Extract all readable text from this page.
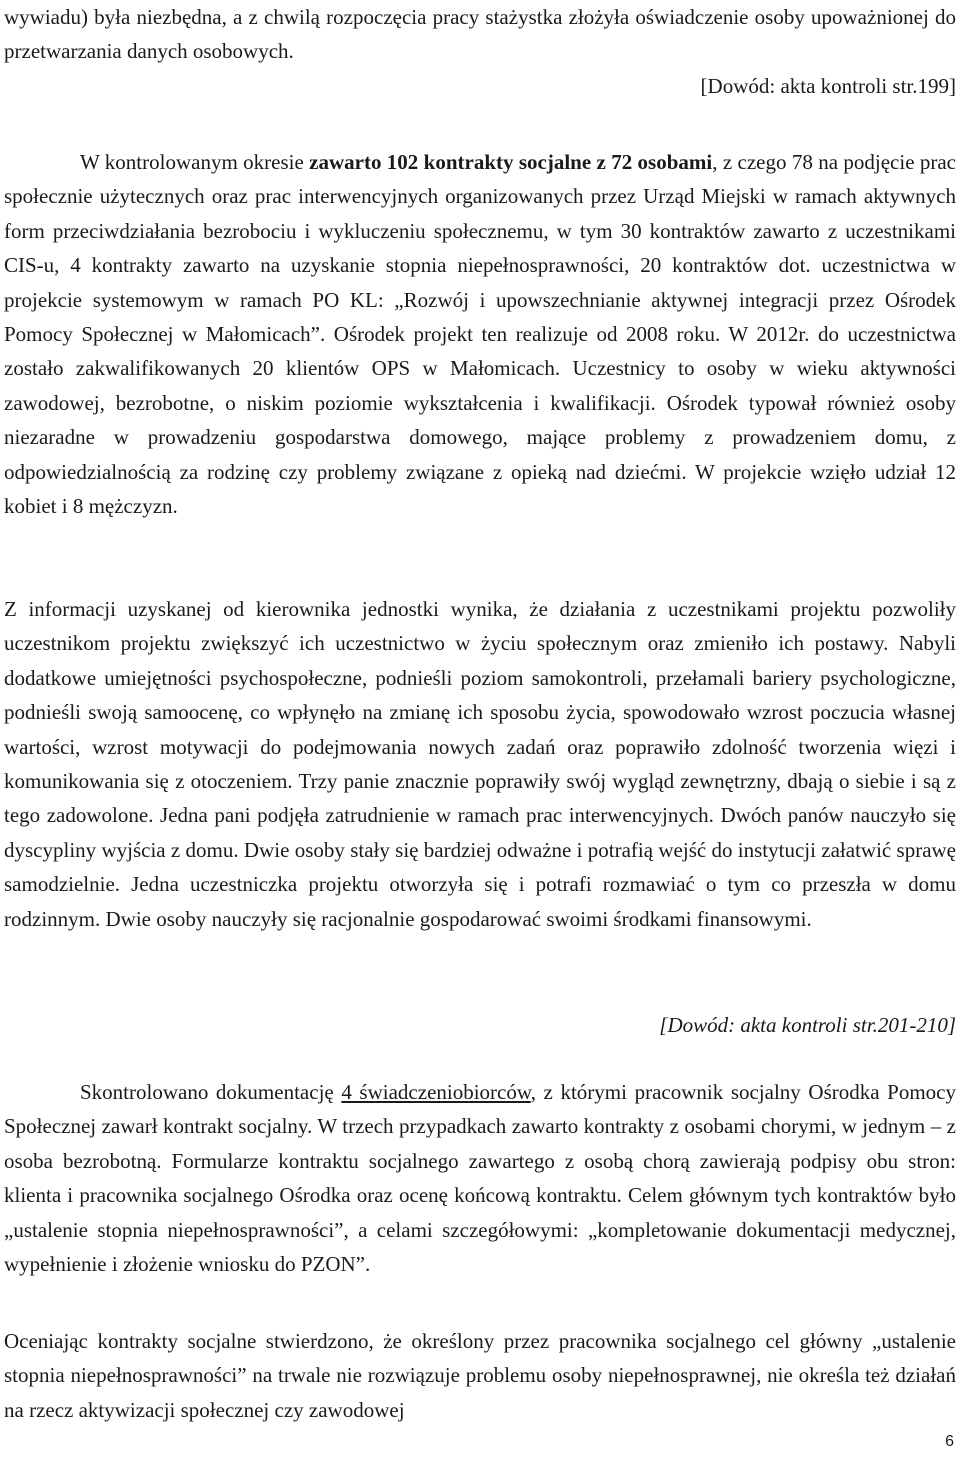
wywiadu) była niezbędna, a z chwilą rozpoczęcia pracy stażystka złożyła oświadczenie osoby upoważnionej do przetwarzania danych osobowych.

[Dowód: akta kontroli str.199]

W kontrolowanym okresie zawarto 102 kontrakty socjalne z 72 osobami, z czego 78 na podjęcie prac społecznie użytecznych oraz prac interwencyjnych organizowanych przez Urząd Miejski w ramach aktywnych form przeciwdziałania bezrobociu i wykluczeniu społecznemu, w tym 30 kontraktów zawarto z uczestnikami CIS-u, 4 kontrakty zawarto na uzyskanie stopnia niepełnosprawności, 20 kontraktów dot. uczestnictwa w projekcie systemowym w ramach PO KL: „Rozwój i upowszechnianie aktywnej integracji przez Ośrodek Pomocy Społecznej w Małomicach”. Ośrodek projekt ten realizuje od 2008 roku. W 2012r. do uczestnictwa zostało zakwalifikowanych 20 klientów OPS w Małomicach. Uczestnicy to osoby w wieku aktywności zawodowej, bezrobotne, o niskim poziomie wykształcenia i kwalifikacji. Ośrodek typował również osoby niezaradne w prowadzeniu gospodarstwa domowego, mające problemy z prowadzeniem domu, z odpowiedzialnością za rodzinę czy problemy związane z opieką nad dziećmi. W projekcie wzięło udział 12 kobiet i 8 mężczyzn.

Z informacji uzyskanej od kierownika jednostki wynika, że działania z uczestnikami projektu pozwoliły uczestnikom projektu zwiększyć ich uczestnictwo w życiu społecznym oraz zmieniło ich postawy. Nabyli dodatkowe umiejętności psychospołeczne, podnieśli poziom samokontroli, przełamali bariery psychologiczne, podnieśli swoją samoocenę, co wpłynęło na zmianę ich sposobu życia, spowodowało wzrost poczucia własnej wartości, wzrost motywacji do podejmowania nowych zadań oraz poprawiło zdolność tworzenia więzi i komunikowania się z otoczeniem. Trzy panie znacznie poprawiły swój wygląd zewnętrzny, dbają o siebie i są z tego zadowolone. Jedna pani podjęła zatrudnienie w ramach prac interwencyjnych. Dwóch panów nauczyło się dyscypliny wyjścia z domu. Dwie osoby stały się bardziej odważne i potrafią wejść do instytucji załatwić sprawę samodzielnie. Jedna uczestniczka projektu otworzyła się i potrafi rozmawiać o tym co przeszła w domu rodzinnym. Dwie osoby nauczyły się racjonalnie gospodarować swoimi środkami finansowymi.

[Dowód: akta kontroli str.201-210]

Skontrolowano dokumentację 4 świadczeniobiorców, z którymi pracownik socjalny Ośrodka Pomocy Społecznej zawarł kontrakt socjalny. W trzech przypadkach zawarto kontrakty z osobami chorymi, w jednym – z osoba bezrobotną. Formularze kontraktu socjalnego zawartego z osobą chorą zawierają podpisy obu stron: klienta i pracownika socjalnego Ośrodka oraz ocenę końcową kontraktu. Celem głównym tych kontraktów było „ustalenie stopnia niepełnosprawności”, a celami szczegółowymi: „kompletowanie dokumentacji medycznej, wypełnienie i złożenie wniosku do PZON”.

Oceniając kontrakty socjalne stwierdzono, że określony przez pracownika socjalnego cel główny „ustalenie stopnia niepełnosprawności” na trwale nie rozwiązuje problemu osoby niepełnosprawnej, nie określa też działań na rzecz aktywizacji społecznej czy zawodowej

6
